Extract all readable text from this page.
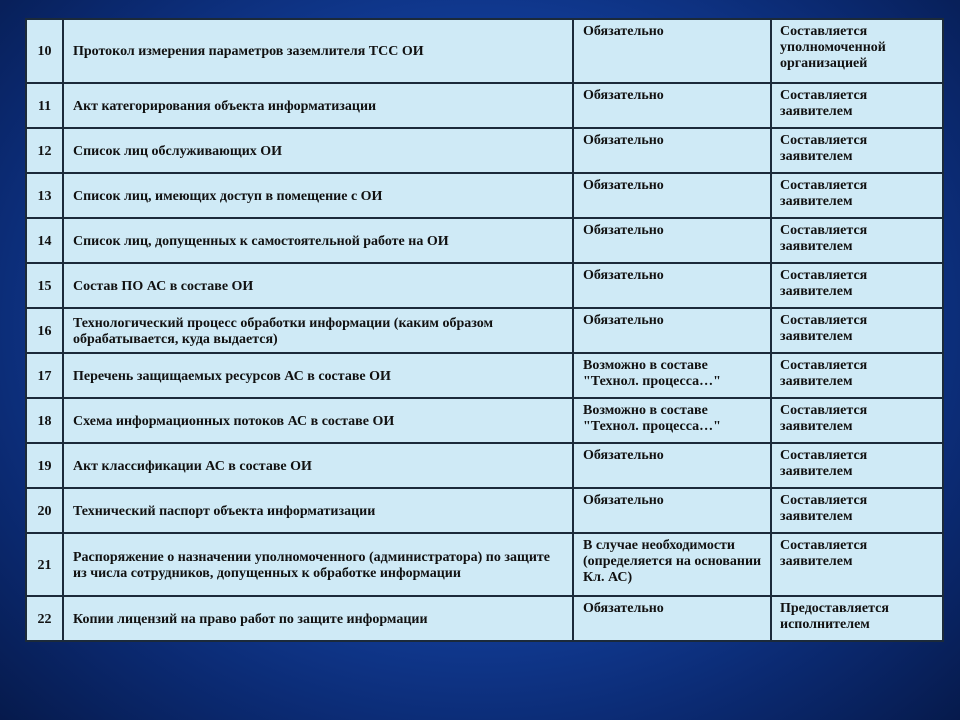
10	Протокол измерения параметров заземлителя ТСС ОИ	Обязательно	Составляется уполномоченной организацией
11	Акт категорирования объекта информатизации	Обязательно	Составляется заявителем
12	Список лиц обслуживающих ОИ	Обязательно	Составляется заявителем
13	Список лиц, имеющих доступ в помещение с ОИ	Обязательно	Составляется заявителем
14	Список лиц, допущенных к самостоятельной работе на ОИ	Обязательно	Составляется заявителем
15	Состав ПО АС в составе ОИ	Обязательно	Составляется заявителем
16	Технологический процесс обработки информации (каким образом обрабатывается, куда выдается)	Обязательно	Составляется заявителем
17	Перечень защищаемых ресурсов АС в составе ОИ	Возможно в составе "Технол. процесса…"	Составляется заявителем
18	Схема информационных потоков АС в составе ОИ	Возможно в составе "Технол. процесса…"	Составляется заявителем
19	Акт классификации АС в составе ОИ	Обязательно	Составляется заявителем
20	Технический паспорт объекта информатизации	Обязательно	Составляется заявителем
21	Распоряжение о назначении уполномоченного (администратора) по защите из числа сотрудников, допущенных к обработке информации	В случае необходимости (определяется на основании Кл. АС)	Составляется заявителем
22	Копии лицензий на право работ по защите информации	Обязательно	Предоставляется исполнителем
